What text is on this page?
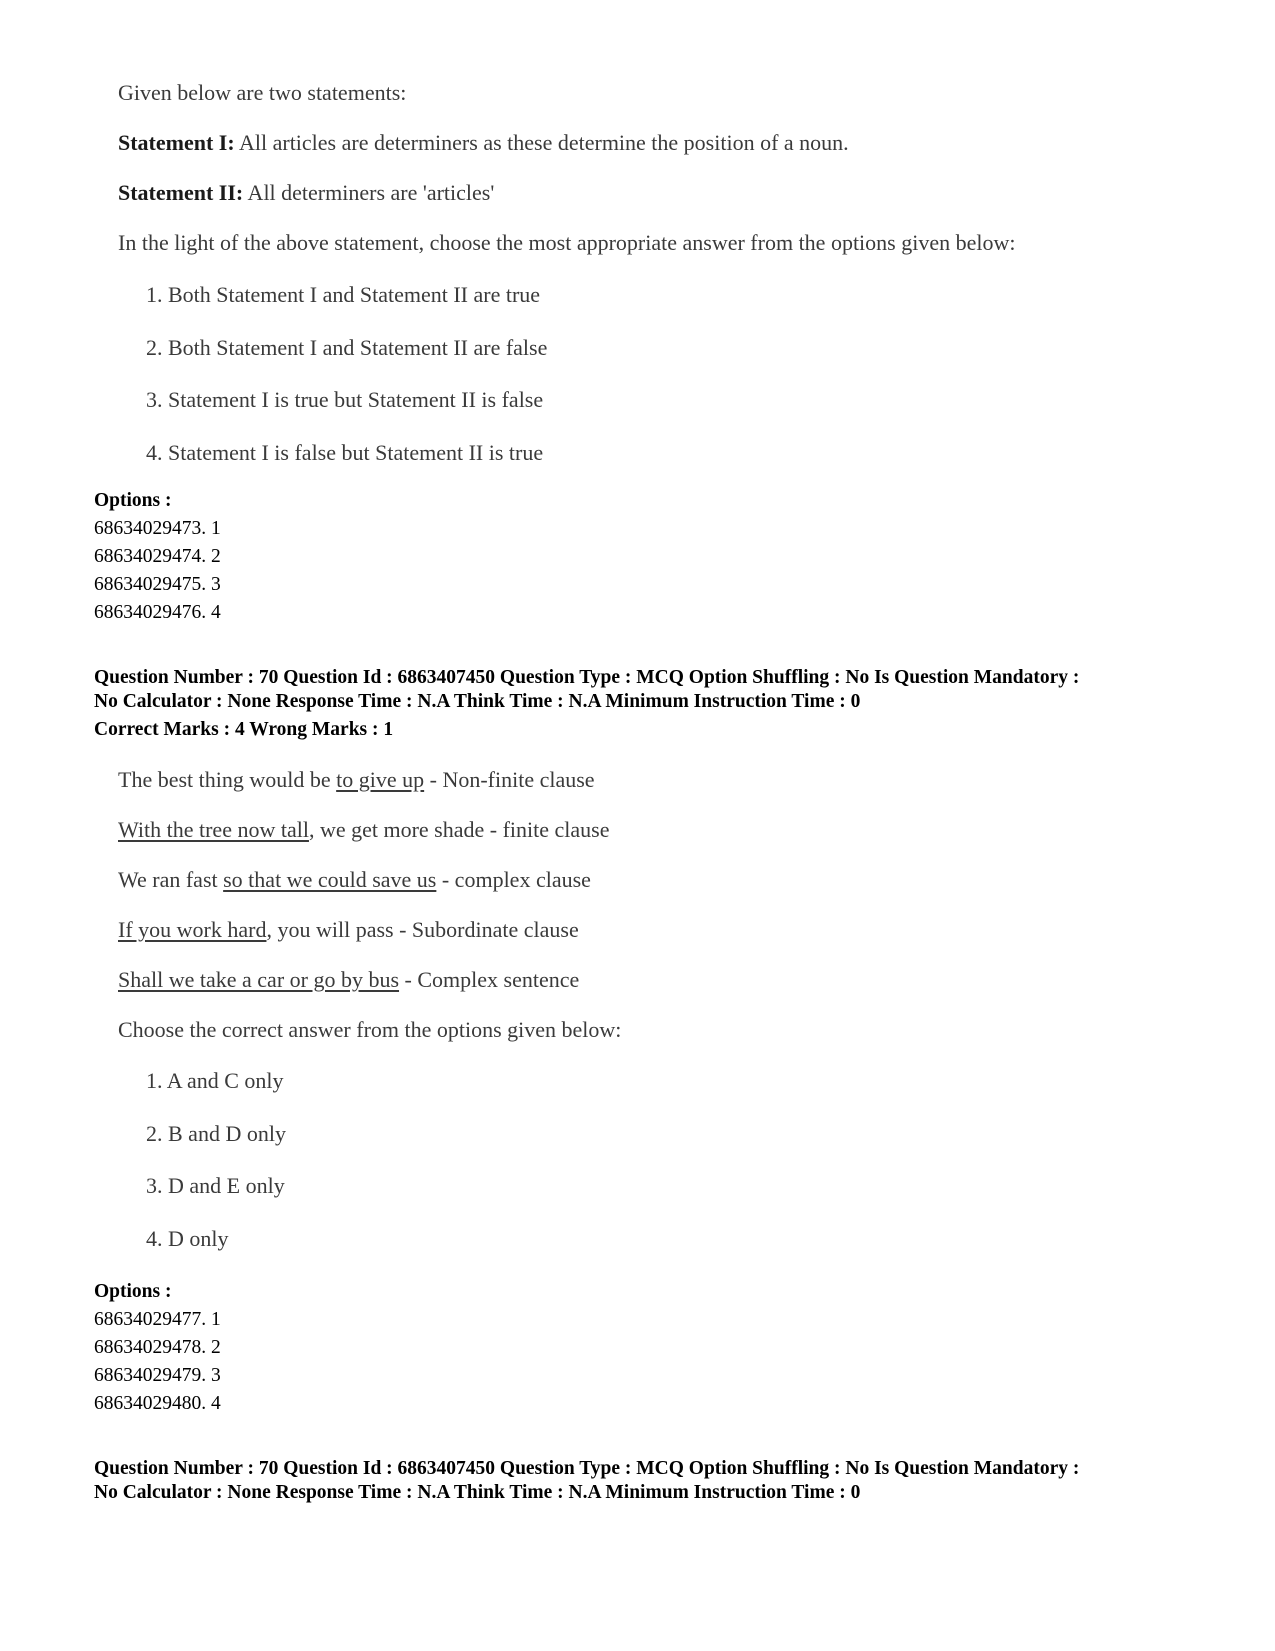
Given below are two statements:
Statement I: All articles are determiners as these determine the position of a noun.
Statement II: All determiners are 'articles'
In the light of the above statement, choose the most appropriate answer from the options given below:
1. Both Statement I and Statement II are true
2. Both Statement I and Statement II are false
3. Statement I is true but Statement II is false
4. Statement I is false but Statement II is true
Options :
68634029473. 1
68634029474. 2
68634029475. 3
68634029476. 4
Question Number : 70 Question Id : 6863407450 Question Type : MCQ Option Shuffling : No Is Question Mandatory :
No Calculator : None Response Time : N.A Think Time : N.A Minimum Instruction Time : 0
Correct Marks : 4 Wrong Marks : 1
The best thing would be to give up - Non-finite clause
With the tree now tall, we get more shade - finite clause
We ran fast so that we could save us - complex clause
If you work hard, you will pass - Subordinate clause
Shall we take a car or go by bus - Complex sentence
Choose the correct answer from the options given below:
1. A and C only
2. B and D only
3. D and E only
4. D only
Options :
68634029477. 1
68634029478. 2
68634029479. 3
68634029480. 4
Question Number : 70 Question Id : 6863407450 Question Type : MCQ Option Shuffling : No Is Question Mandatory :
No Calculator : None Response Time : N.A Think Time : N.A Minimum Instruction Time : 0
